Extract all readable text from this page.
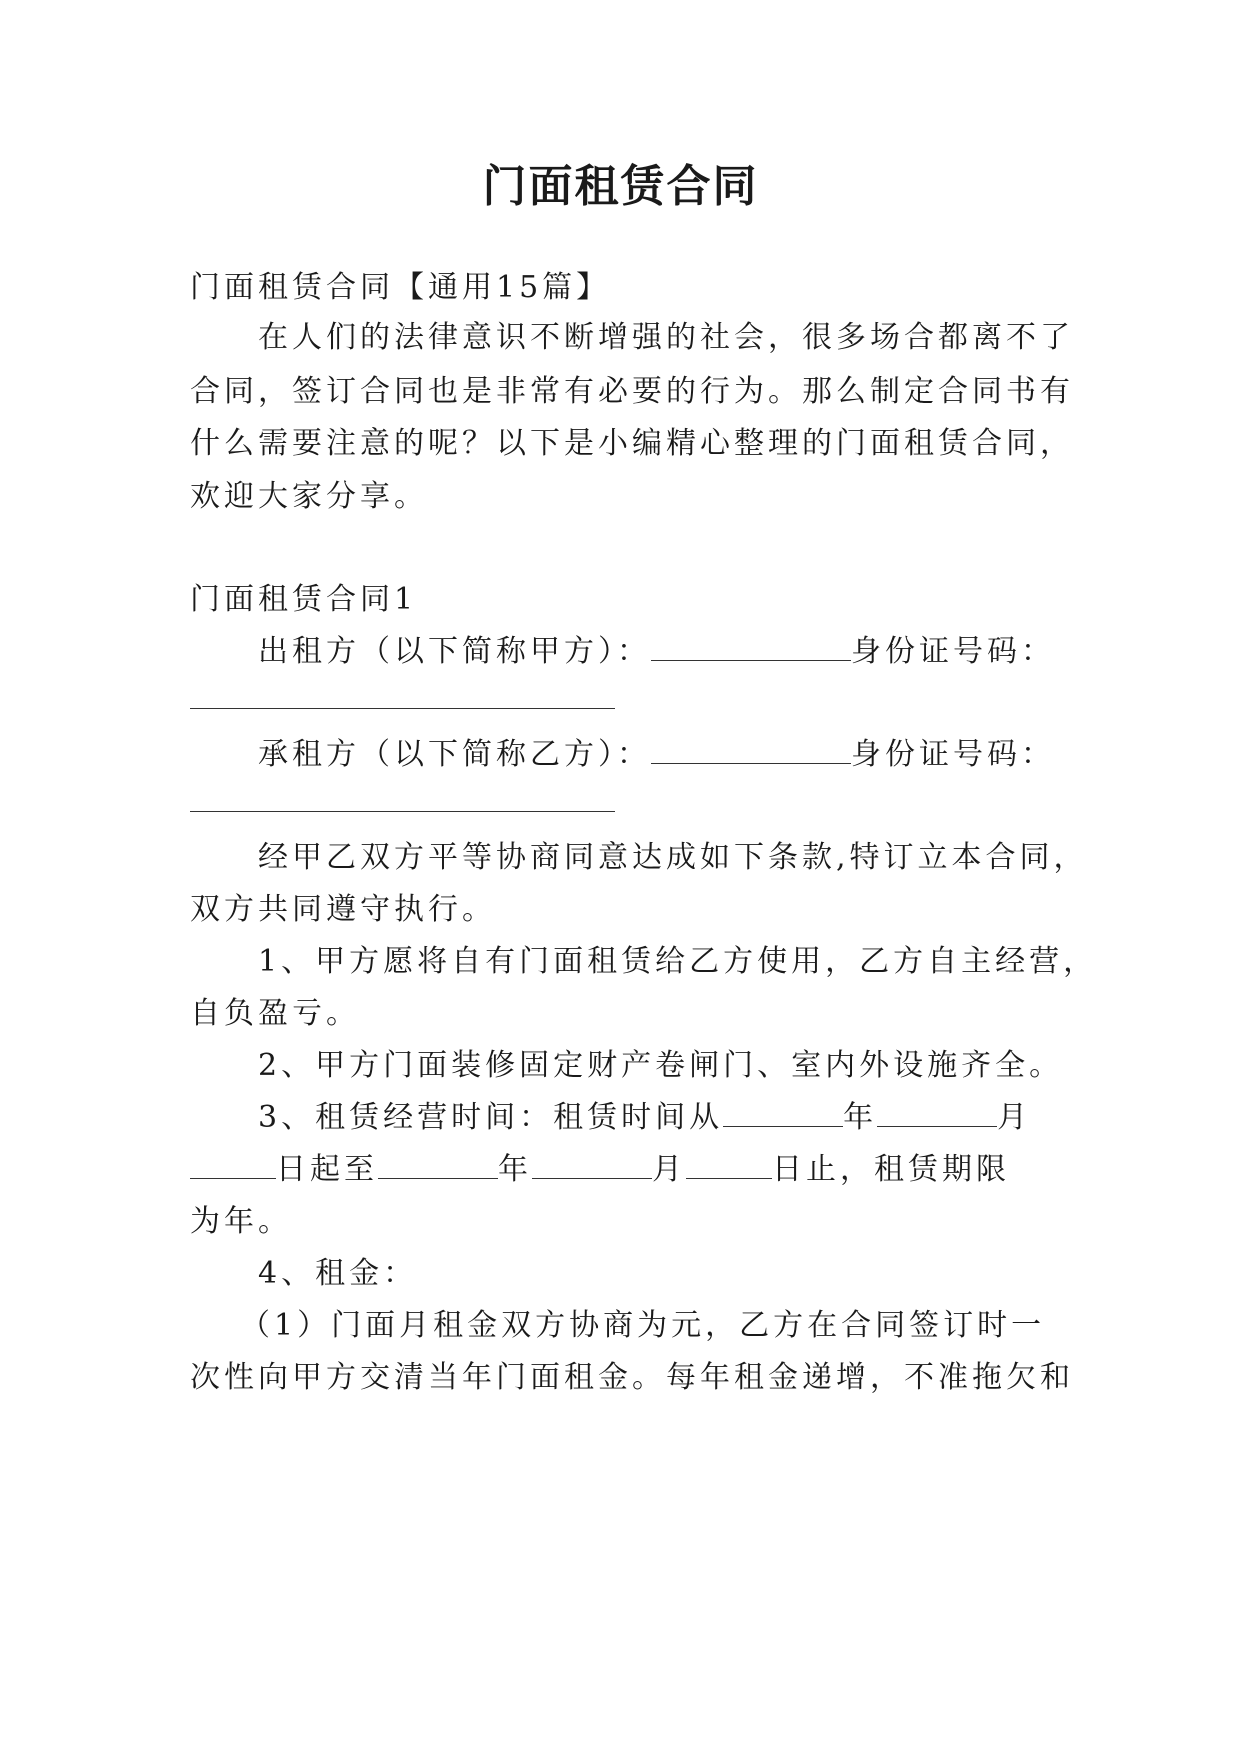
门面租赁合同

门面租赁合同【通用15篇】

在人们的法律意识不断增强的社会，很多场合都离不了

合同，签订合同也是非常有必要的行为。那么制定合同书有

什么需要注意的呢？以下是小编精心整理的门面租赁合同，

欢迎大家分享。

门面租赁合同1

出租方（以下简称甲方）：	身份证号码：

承租方（以下简称乙方）：	身份证号码：

经甲乙双方平等协商同意达成如下条款,特订立本合同，

双方共同遵守执行。

1、甲方愿将自有门面租赁给乙方使用，乙方自主经营，

自负盈亏。

2、甲方门面装修固定财产卷闸门、室内外设施齐全。

3、租赁经营时间：租赁时间从	年	月

日起至	年	月	日止，租赁期限

为年。

4、租金：

（1）门面月租金双方协商为元，乙方在合同签订时一

次性向甲方交清当年门面租金。每年租金递增，不准拖欠和
